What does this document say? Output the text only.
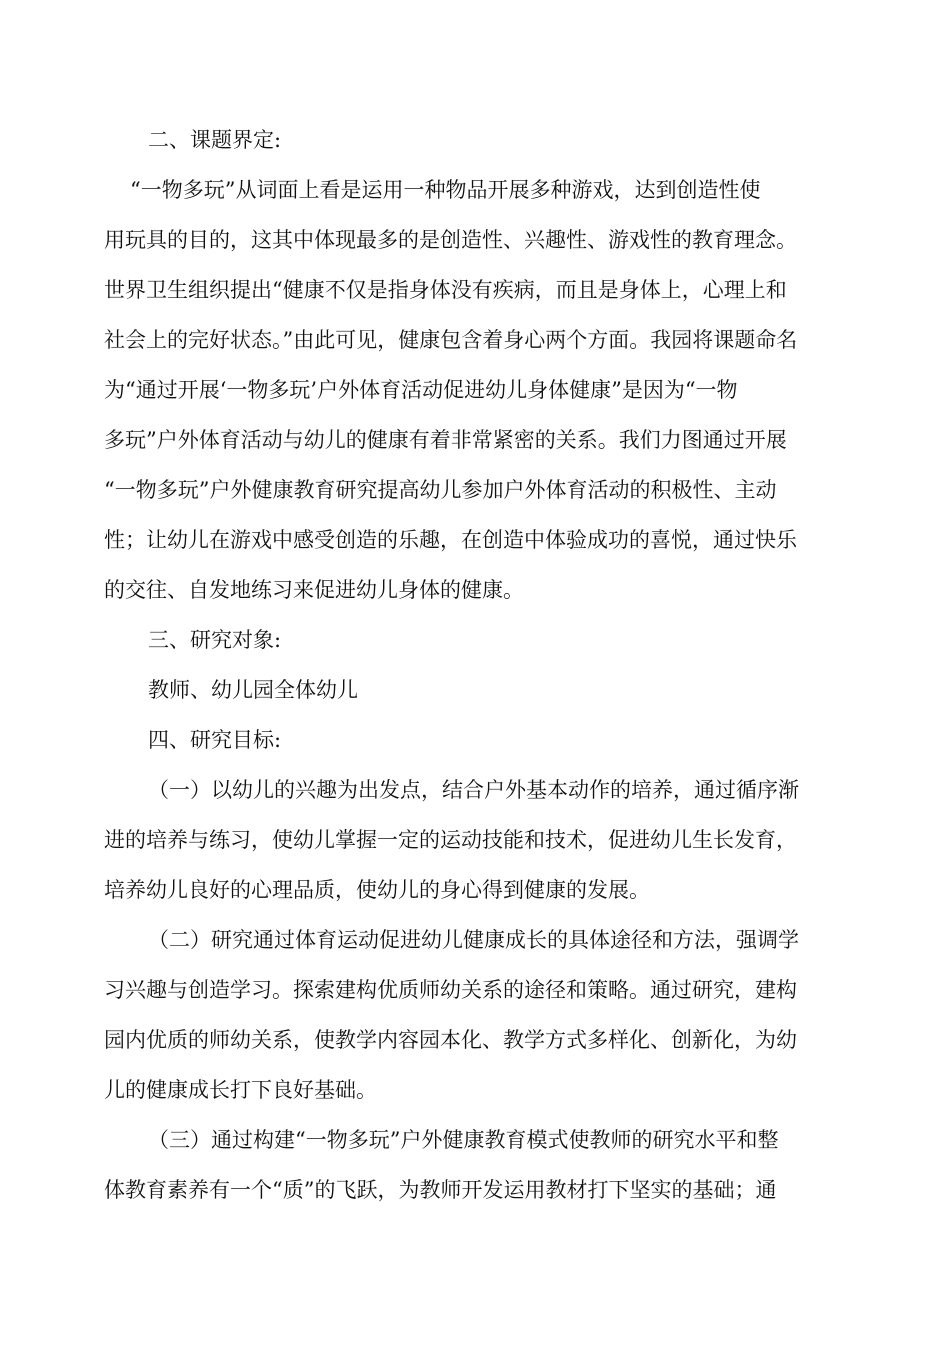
二、课题界定:
“一物多玩”从词面上看是运用一种物品开展多种游戏，达到创造性使
用玩具的目的，这其中体现最多的是创造性、兴趣性、游戏性的教育理念。
世界卫生组织提出“健康不仅是指身体没有疾病，而且是身体上，心理上和
社会上的完好状态。”由此可见，健康包含着身心两个方面。我园将课题命名
为“通过开展‘一物多玩’户外体育活动促进幼儿身体健康”是因为“一物
多玩”户外体育活动与幼儿的健康有着非常紧密的关系。我们力图通过开展
“一物多玩”户外健康教育研究提高幼儿参加户外体育活动的积极性、主动
性；让幼儿在游戏中感受创造的乐趣，在创造中体验成功的喜悦，通过快乐
的交往、自发地练习来促进幼儿身体的健康。
三、研究对象:
教师、幼儿园全体幼儿
四、研究目标:
（一）以幼儿的兴趣为出发点，结合户外基本动作的培养，通过循序渐
进的培养与练习，使幼儿掌握一定的运动技能和技术，促进幼儿生长发育，
培养幼儿良好的心理品质，使幼儿的身心得到健康的发展。
（二）研究通过体育运动促进幼儿健康成长的具体途径和方法，强调学
习兴趣与创造学习。探索建构优质师幼关系的途径和策略。通过研究，建构
园内优质的师幼关系，使教学内容园本化、教学方式多样化、创新化，为幼
儿的健康成长打下良好基础。
（三）通过构建“一物多玩”户外健康教育模式使教师的研究水平和整
体教育素养有一个“质”的飞跃，为教师开发运用教材打下坚实的基础；通
